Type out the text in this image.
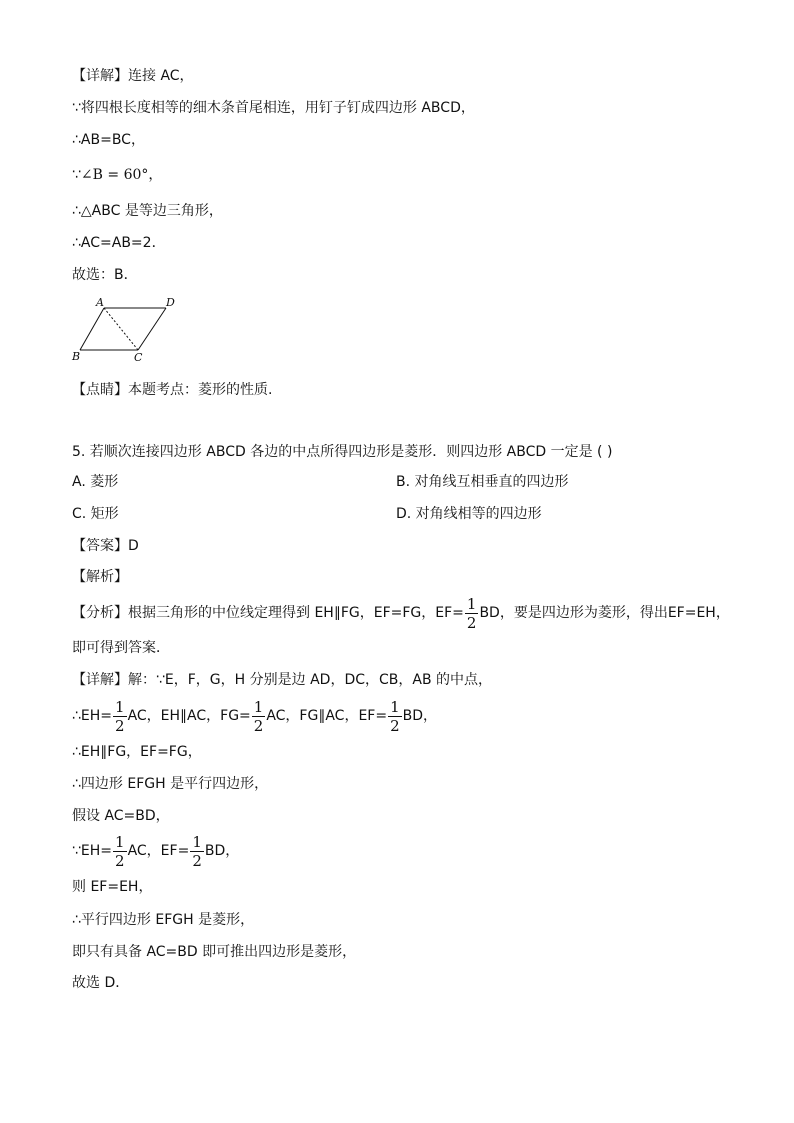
【详解】连接 AC，
∵将四根长度相等的细木条首尾相连，用钉子钉成四边形 ABCD，
∴AB=BC，
∵∠B = 60°，
∴△ABC 是等边三角形，
∴AC=AB=2．
故选：B．
A	D
B	C
【点睛】本题考点：菱形的性质.
5. 若顺次连接四边形 ABCD 各边的中点所得四边形是菱形．则四边形 ABCD 一定是 ( )
A. 菱形	B. 对角线互相垂直的四边形
C. 矩形	D. 对角线相等的四边形
【答案】D
【解析】
【分析】根据三角形的中位线定理得到 EH∥FG，EF=FG，$EF= \frac{1}{2}$ BD，要是四边形为菱形，得出EF=EH，
即可得到答案．
【详解】解：∵E，F，G，H 分别是边 AD，DC，CB，AB 的中点，
∴EH= $\frac{1}{2}$ AC，EH∥AC，$FG= \frac{1}{2}$ AC，FG∥AC，$EF= \frac{1}{2}$ BD，
∴EH∥FG，EF=FG，
∴四边形 EFGH 是平行四边形，
假设 AC=BD，
∵EH= $\frac{1}{2}$ AC，$EF= \frac{1}{2}$ BD，
则 EF=EH，
∴平行四边形 EFGH 是菱形，
即只有具备 AC=BD 即可推出四边形是菱形，
故选 D．
